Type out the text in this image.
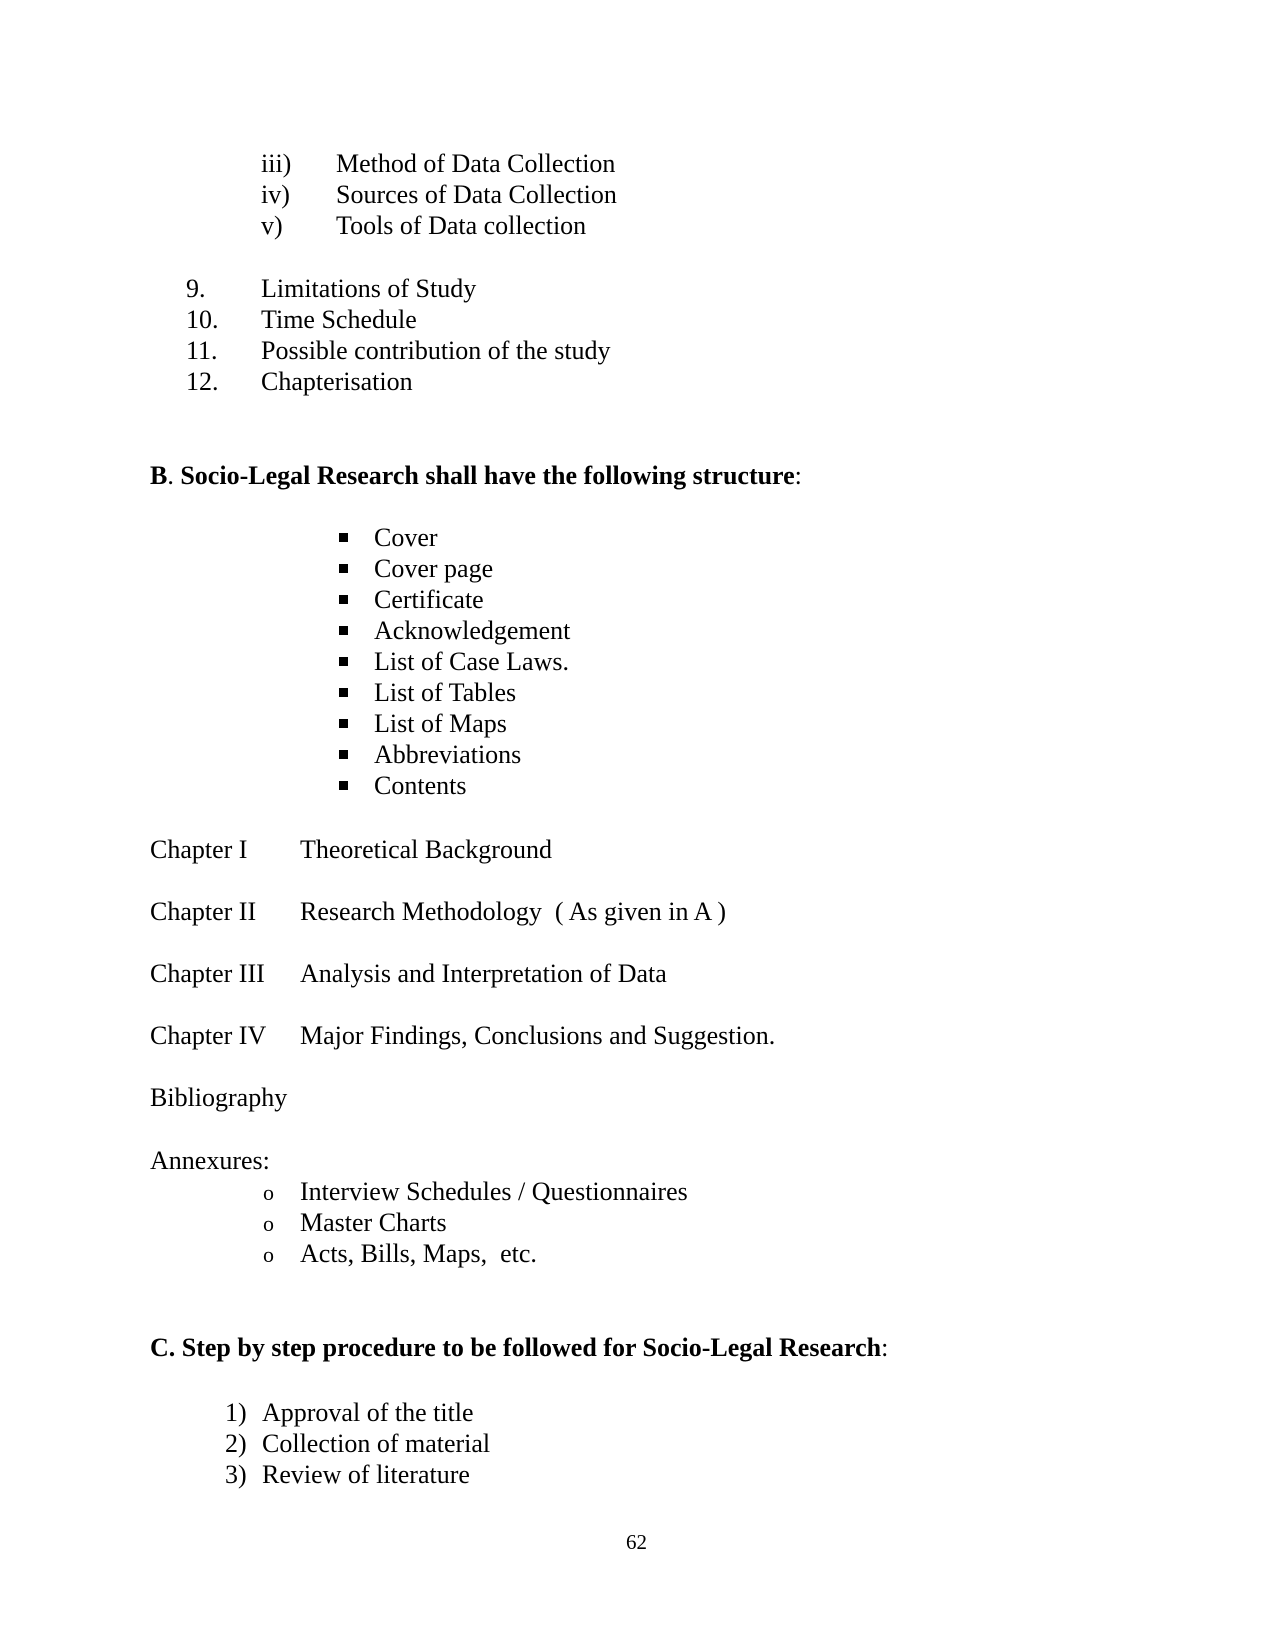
iii) Method of Data Collection
iv) Sources of Data Collection
v) Tools of Data collection
9. Limitations of Study
10. Time Schedule
11. Possible contribution of the study
12. Chapterisation
B. Socio-Legal Research shall have the following structure:
Cover
Cover page
Certificate
Acknowledgement
List of Case Laws.
List of Tables
List of Maps
Abbreviations
Contents
Chapter I Theoretical Background
Chapter II Research Methodology  ( As given in A )
Chapter III Analysis and Interpretation of Data
Chapter IV Major Findings, Conclusions and Suggestion.
Bibliography
Annexures:
o Interview Schedules / Questionnaires
o Master Charts
o Acts, Bills, Maps,  etc.
C. Step by step procedure to be followed for Socio-Legal Research:
1) Approval of the title
2) Collection of material
3) Review of literature
62
